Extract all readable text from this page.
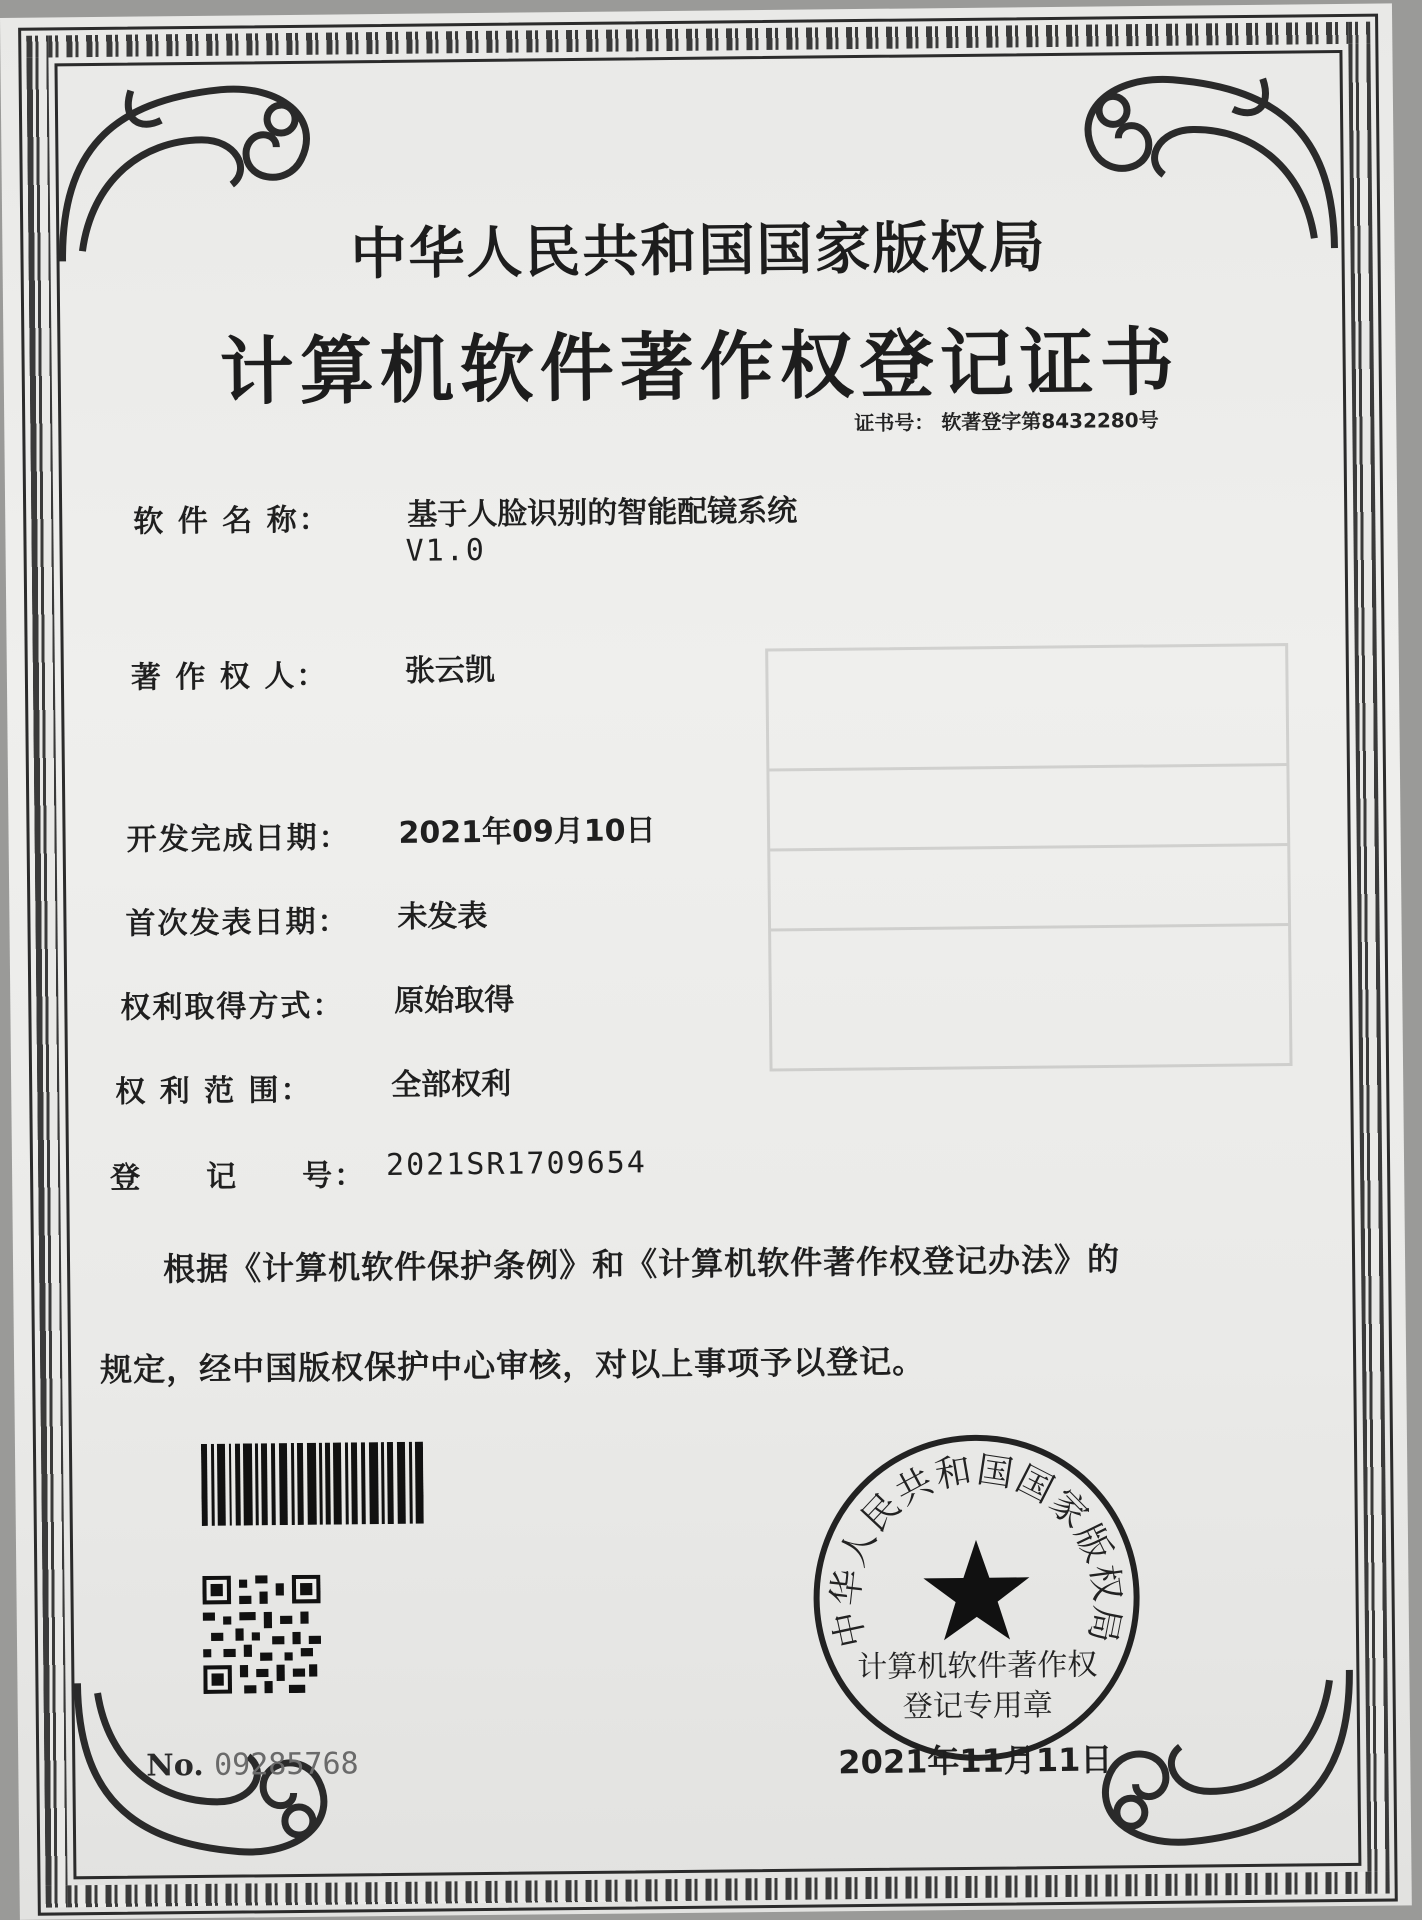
中华人民共和国国家版权局
计算机软件著作权登记证书
证书号： 软著登字第8432280号
软 件 名 称：	基于人脸识别的智能配镜系统
V1.0
著 作 权 人：	张云凯
开发完成日期： 2021年09月10日
首次发表日期： 未发表
权利取得方式： 原始取得
权 利 范 围：	全部权利
登　　记　　号： 2021SR1709654
根据《计算机软件保护条例》和《计算机软件著作权登记办法》的
规定，经中国版权保护中心审核，对以上事项予以登记。
No. 09285768
中华人民共和国国家版权局
计算机软件著作权
登记专用章
2021年11月11日
